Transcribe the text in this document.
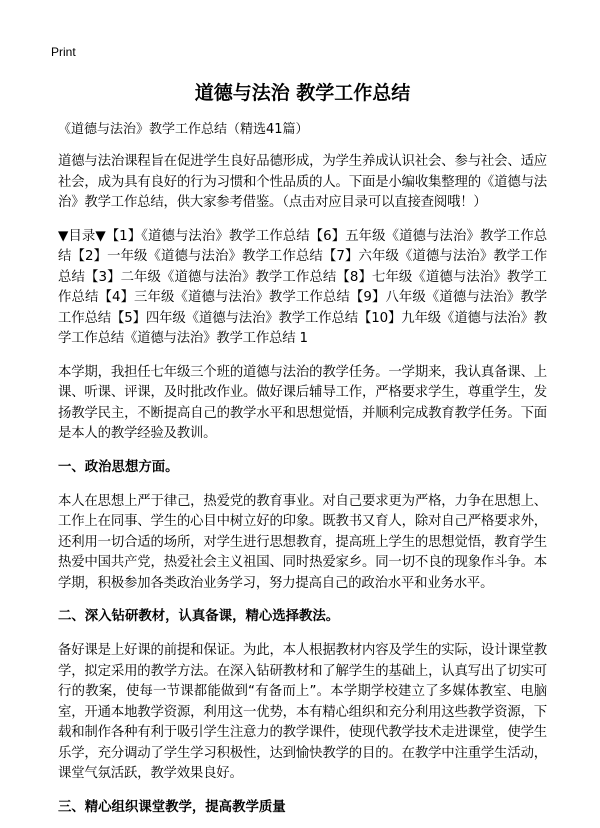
Print
道德与法治 教学工作总结
《道德与法治》教学工作总结（精选41篇）

道德与法治课程旨在促进学生良好品德形成，为学生养成认识社会、参与社会、适应社会，成为具有良好的行为习惯和个性品质的人。下面是小编收集整理的《道德与法治》教学工作总结，供大家参考借鉴。（点击对应目录可以直接查阅哦！）

▼目录▼【1】《道德与法治》教学工作总结【6】五年级《道德与法治》教学工作总结【2】一年级《道德与法治》教学工作总结【7】六年级《道德与法治》教学工作总结【3】二年级《道德与法治》教学工作总结【8】七年级《道德与法治》教学工作总结【4】三年级《道德与法治》教学工作总结【9】八年级《道德与法治》教学工作总结【5】四年级《道德与法治》教学工作总结【10】九年级《道德与法治》教学工作总结《道德与法治》教学工作总结 1

本学期，我担任七年级三个班的道德与法治的教学任务。一学期来，我认真备课、上课、听课、评课，及时批改作业。做好课后辅导工作，严格要求学生，尊重学生，发扬教学民主，不断提高自己的教学水平和思想觉悟，并顺利完成教育教学任务。下面是本人的教学经验及教训。

一、政治思想方面。

本人在思想上严于律己，热爱党的教育事业。对自己要求更为严格，力争在思想上、工作上在同事、学生的心目中树立好的印象。既教书又育人，除对自己严格要求外，还利用一切合适的场所，对学生进行思想教育，提高班上学生的思想觉悟，教育学生热爱中国共产党，热爱社会主义祖国、同时热爱家乡。同一切不良的现象作斗争。本学期，积极参加各类政治业务学习，努力提高自己的政治水平和业务水平。

二、深入钻研教材，认真备课，精心选择教法。

备好课是上好课的前提和保证。为此，本人根据教材内容及学生的实际，设计课堂教学，拟定采用的教学方法。在深入钻研教材和了解学生的基础上，认真写出了切实可行的教案，使每一节课都能做到“有备而上”。本学期学校建立了多媒体教室、电脑室，开通本地教学资源，利用这一优势，本有精心组织和充分利用这些教学资源，下载和制作各种有利于吸引学生注意力的教学课件，使现代教学技术走进课堂，使学生乐学，充分调动了学生学习积极性，达到愉快教学的目的。在教学中注重学生活动，课堂气氛活跃，教学效果良好。

三、精心组织课堂教学，提高教学质量
